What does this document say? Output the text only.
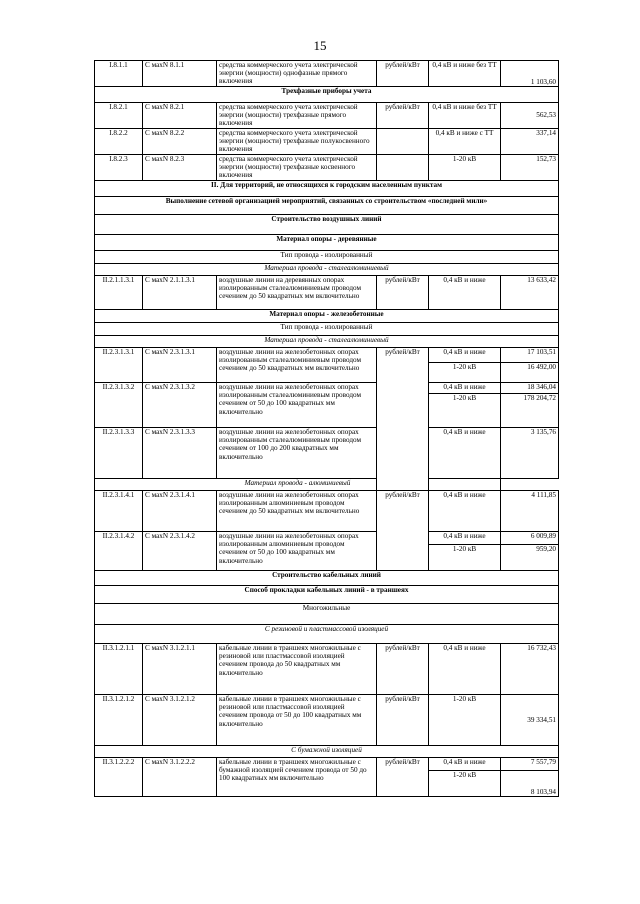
15
I.8.1.1	С махN 8.1.1	средства коммерческого учета электрической энергии (мощности) однофазные прямого включения	рублей/кВт	0,4 кВ и ниже без ТТ	1 103,60
Трехфазные приборы учета					
I.8.2.1	С махN 8.2.1	средства коммерческого учета электрической энергии (мощности) трехфазные прямого включения	рублей/кВт	0,4 кВ и ниже без ТТ	562,53
I.8.2.2	С махN 8.2.2	средства коммерческого учета электрической энергии (мощности) трехфазные полукосвенного включения		0,4 кВ и ниже с ТТ	337,14
I.8.2.3	С махN 8.2.3	средства коммерческого учета электрической энергии (мощности) трехфазные косвенного включения		1-20 кВ	152,73
II. Для территорий, не относящихся к городским населенным пунктам					
Выполнение сетевой организацией мероприятий, связанных со строительством «последней мили»					
Строительство воздушных линий					
Материал опоры - деревянные					
Тип провода - изолированный					
Материал провода - сталеалюминиевый					
II.2.1.1.3.1	С махN 2.1.1.3.1	воздушные линии на деревянных опорах изолированным сталеалюминиевым проводом сечением до 50 квадратных мм включительно	рублей/кВт	0,4 кВ и ниже	13 633,42
Материал опоры - железобетонные					
Тип провода - изолированный					
Материал провода - сталеалюминиевый					
II.2.3.1.3.1	С махN 2.3.1.3.1	воздушные линии на железобетонных опорах изолированным сталеалюминиевым проводом сечением до 50 квадратных мм включительно	рублей/кВт	0,4 кВ и ниже	17 103,51
				1-20 кВ	16 492,00
II.2.3.1.3.2	С махN 2.3.1.3.2	воздушные линии на железобетонных опорах изолированным сталеалюминиевым проводом сечением от 50 до 100 квадратных мм включительно		0,4 кВ и ниже	18 346,04
				1-20 кВ	178 204,72
II.2.3.1.3.3	С махN 2.3.1.3.3	воздушные линии на железобетонных опорах изолированным сталеалюминиевым проводом сечением от 100 до 200 квадратных мм включительно		0,4 кВ и ниже	3 135,76
Материал провода - алюминиевый					
II.2.3.1.4.1	С махN 2.3.1.4.1	воздушные линии на железобетонных опорах изолированным алюминиевым проводом сечением до 50 квадратных мм включительно	рублей/кВт	0,4 кВ и ниже	4 111,85
II.2.3.1.4.2	С махN 2.3.1.4.2	воздушные линии на железобетонных опорах изолированным алюминиевым проводом сечением от 50 до 100 квадратных мм включительно		0,4 кВ и ниже	6 009,89
				1-20 кВ	959,20
Строительство кабельных линий					
Способ прокладки кабельных линий - в траншеях					
Многожильные					
С резиновой и пластмассовой изоляцией					
II.3.1.2.1.1	С махN 3.1.2.1.1	кабельные линии в траншеях многожильные с резиновой или пластмассовой изоляцией сечением провода до 50 квадратных мм включительно	рублей/кВт	0,4 кВ и ниже	16 732,43
II.3.1.2.1.2	С махN 3.1.2.1.2	кабельные линии в траншеях многожильные с резиновой или пластмассовой изоляцией сечением провода от 50 до 100 квадратных мм включительно	рублей/кВт	1-20 кВ	39 334,51
С бумажной изоляцией					
II.3.1.2.2.2	С махN 3.1.2.2.2	кабельные линии в траншеях многожильные с бумажной изоляцией сечением провода от 50 до 100 квадратных мм включительно	рублей/кВт	0,4 кВ и ниже	7 557,79
				1-20 кВ	8 103,94
